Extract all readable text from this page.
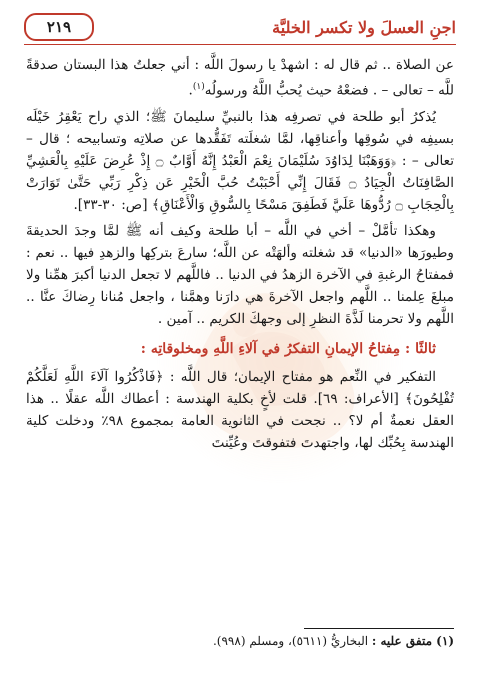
اجنِ العسلَ ولا تكسر الخليَّة
٢١٩

عن الصلاة .. ثم قال له : اشهدْ يا رسولَ اللَّه : أني جعلتُ هذا البستان صدقةً للَّه – تعالى – . فضعْهُ حيث يُحبُّ اللَّهُ ورسولُه$^{(١)}$.

يُذكرُ أبو طلحة في تصرفِه هذا بالنبيِّ سليمانَ ﷺ؛ الذي راح يَعْقِرُ خَيْلَه بسيفِه في سُوقِها وأعناقِها، لمَّا شغلَته تَفَقُّدها عن صلاتِه وتسابيحه ؛ قال – تعالى – : ﴿وَوَهَبْنَا لِدَاوُدَ سُلَيْمَانَ نِعْمَ الْعَبْدُ إِنَّهُ أَوَّابٌ ۝ إِذْ عُرِضَ عَلَيْهِ بِالْعَشِيِّ الصَّافِنَاتُ الْجِيَادُ ۝ فَقَالَ إِنِّي أَحْبَبْتُ حُبَّ الْخَيْرِ عَن ذِكْرِ رَبِّي حَتَّىٰ تَوَارَتْ بِالْحِجَابِ ۝ رُدُّوهَا عَلَيَّ فَطَفِقَ مَسْحًا بِالسُّوقِ وَالْأَعْنَاقِ﴾ [ص: ٣٠-٣٣].

وهكذا تأمَّلْ – أخي في اللَّه – أبا طلحة وكيف أنه ﷺ لمَّا وجدَ الحديقةَ وطيورَها «الدنيا» قد شغلته وألهَتْه عن اللَّه؛ سارعَ بتركِها والزهدِ فيها .. نعم : فمفتاحُ الرغبةِ في الآخرة الزهدُ في الدنيا .. فاللَّهم لا تجعل الدنيا أكبرَ همِّنا ولا مبلغَ عِلمنا .. اللَّهم واجعل الآخرةَ هي دارَنا وهمَّنا ، واجعل مُنانا رِضاكَ عنَّا .. اللَّهم ولا تحرمنا لَذَّةَ النظرِ إلى وجهكَ الكريم .. آمين .

ثالثًا : مِفتاحُ الإيمانِ التفكرُ في آلاءِ اللَّهِ ومخلوقاتِه :

التفكير في النِّعم هو مفتاح الإيمان؛ قال اللَّه : ﴿فَاذْكُرُوا آلَاءَ اللَّهِ لَعَلَّكُمْ تُفْلِحُونَ﴾ [الأعراف: ٦٩]. قلت لأخٍ بكلية الهندسة : أعطاك اللَّه عقلًا .. هذا العقل نعمةٌ أم لا؟ .. نجحت في الثانوية العامة بمجموع ٩٨٪ ودخلت كلية الهندسة بِحُبِّك لها، واجتهدتَ فتفوقتَ وعُيِّنتَ

(١) متفق عليه : البخاريُّ (٥٦١١)، ومسلم (٩٩٨).
